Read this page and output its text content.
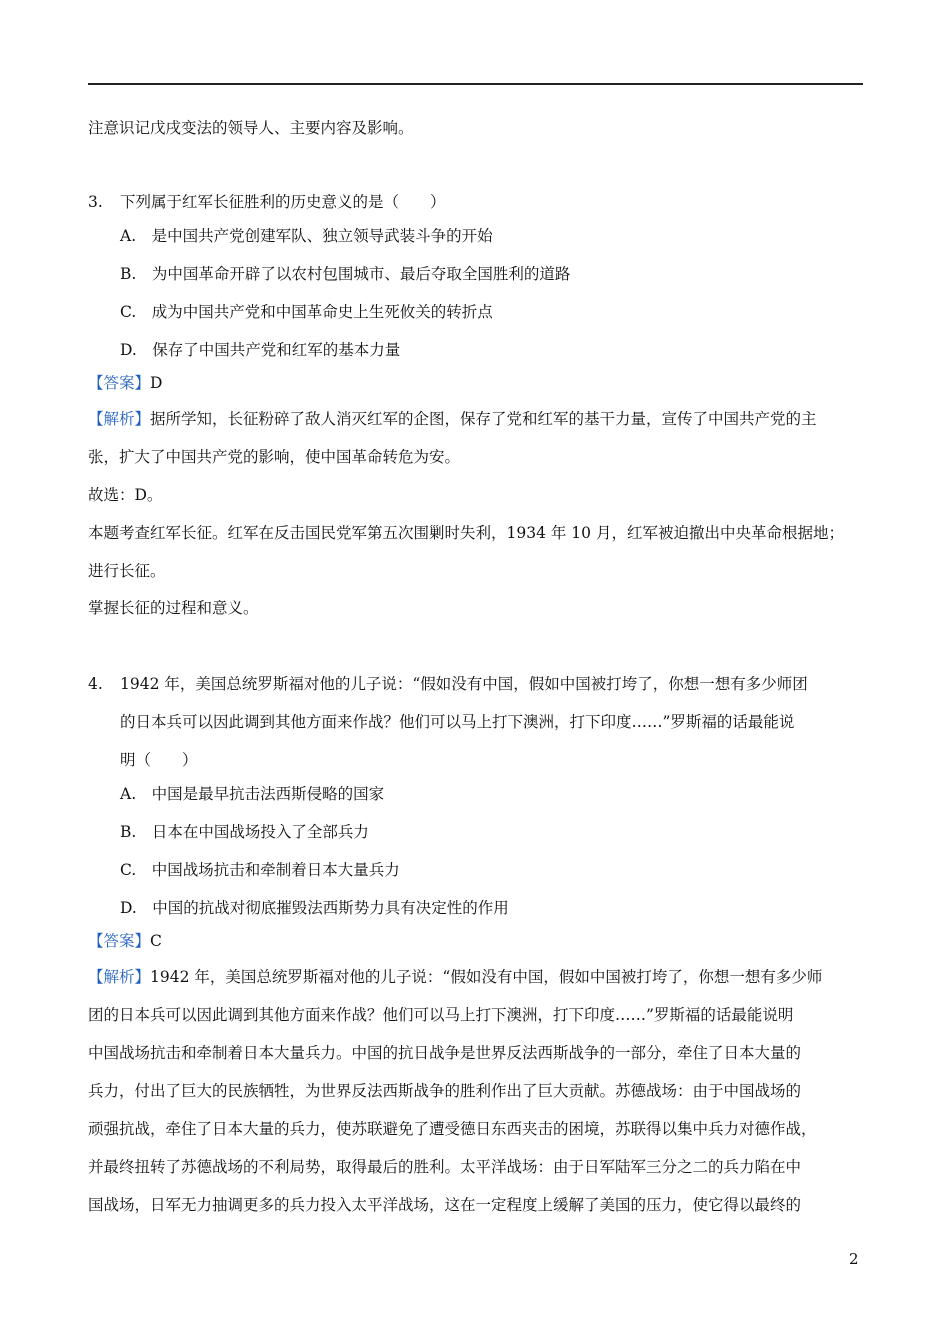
注意识记戊戌变法的领导人、主要内容及影响。
3. 下列属于红军长征胜利的历史意义的是（　　）
A.　是中国共产党创建军队、独立领导武装斗争的开始
B.　为中国革命开辟了以农村包围城市、最后夺取全国胜利的道路
C.　成为中国共产党和中国革命史上生死攸关的转折点
D.　保存了中国共产党和红军的基本力量
【答案】D
【解析】据所学知，长征粉碎了敌人消灭红军的企图，保存了党和红军的基干力量，宣传了中国共产党的主
张，扩大了中国共产党的影响，使中国革命转危为安。
故选：D。
本题考查红军长征。红军在反击国民党军第五次围剿时失利，1934 年 10 月，红军被迫撤出中央革命根据地；
进行长征。
掌握长征的过程和意义。
4. 1942 年，美国总统罗斯福对他的儿子说：“假如没有中国，假如中国被打垮了，你想一想有多少师团
的日本兵可以因此调到其他方面来作战？他们可以马上打下澳洲，打下印度……”罗斯福的话最能说
明（　　）
A.　中国是最早抗击法西斯侵略的国家
B.　日本在中国战场投入了全部兵力
C.　中国战场抗击和牵制着日本大量兵力
D.　中国的抗战对彻底摧毁法西斯势力具有决定性的作用
【答案】C
【解析】1942 年，美国总统罗斯福对他的儿子说：“假如没有中国，假如中国被打垮了，你想一想有多少师
团的日本兵可以因此调到其他方面来作战？他们可以马上打下澳洲，打下印度……”罗斯福的话最能说明
中国战场抗击和牵制着日本大量兵力。中国的抗日战争是世界反法西斯战争的一部分，牵住了日本大量的
兵力，付出了巨大的民族牺牲，为世界反法西斯战争的胜利作出了巨大贡献。苏德战场：由于中国战场的
顽强抗战，牵住了日本大量的兵力，使苏联避免了遭受德日东西夹击的困境，苏联得以集中兵力对德作战，
并最终扭转了苏德战场的不利局势，取得最后的胜利。太平洋战场：由于日军陆军三分之二的兵力陷在中
国战场，日军无力抽调更多的兵力投入太平洋战场，这在一定程度上缓解了美国的压力，使它得以最终的
2
